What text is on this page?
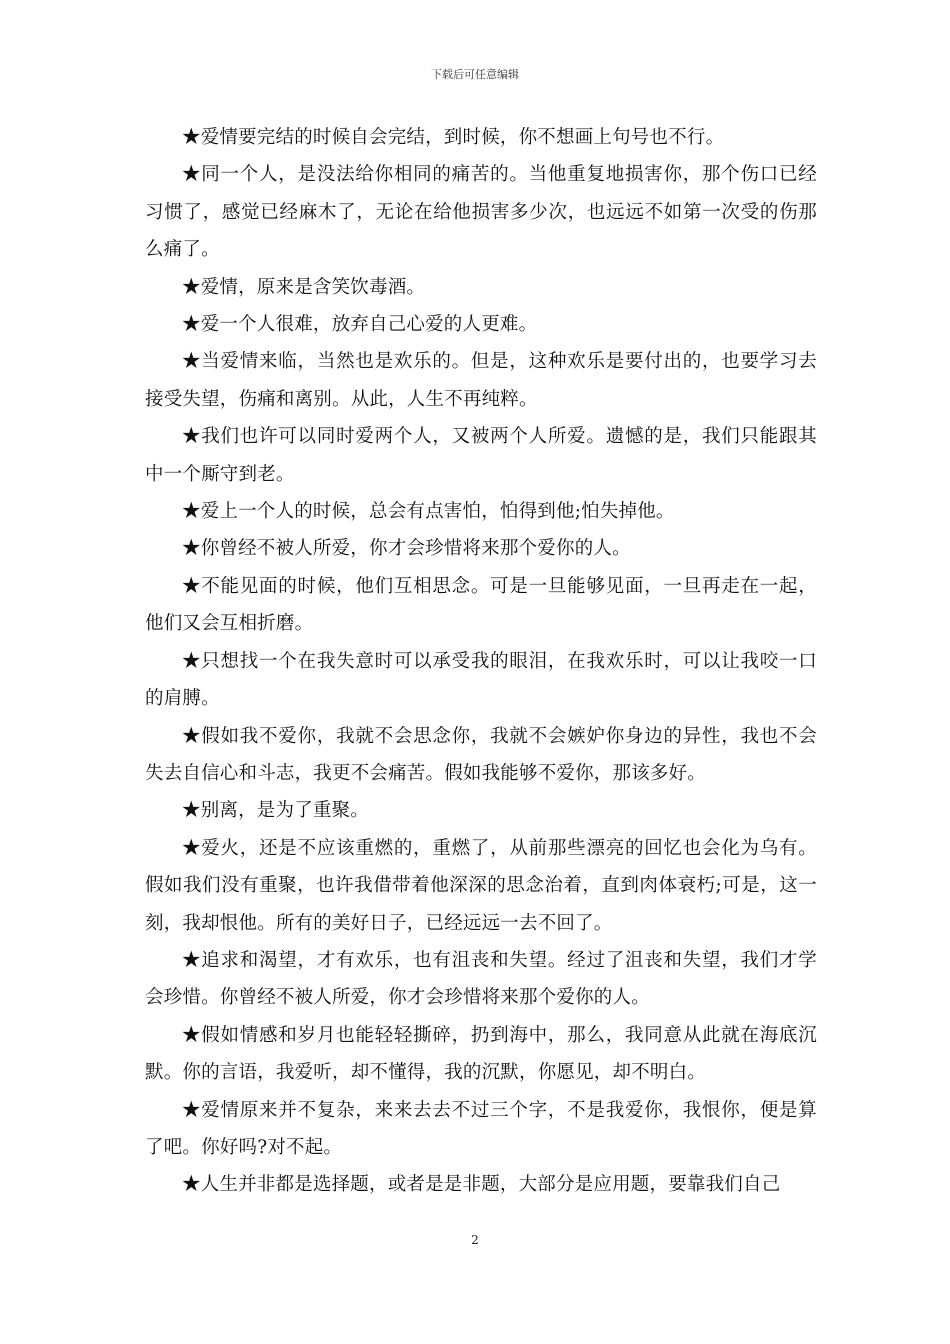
下载后可任意编辑

★爱情要完结的时候自会完结，到时候，你不想画上句号也不行。

★同一个人，是没法给你相同的痛苦的。当他重复地损害你，那个伤口已经习惯了，感觉已经麻木了，无论在给他损害多少次，也远远不如第一次受的伤那么痛了。

★爱情，原来是含笑饮毒酒。

★爱一个人很难，放弃自己心爱的人更难。

★当爱情来临，当然也是欢乐的。但是，这种欢乐是要付出的，也要学习去接受失望，伤痛和离别。从此，人生不再纯粹。

★我们也许可以同时爱两个人，又被两个人所爱。遗憾的是，我们只能跟其中一个厮守到老。

★爱上一个人的时候，总会有点害怕，怕得到他;怕失掉他。

★你曾经不被人所爱，你才会珍惜将来那个爱你的人。

★不能见面的时候，他们互相思念。可是一旦能够见面，一旦再走在一起，他们又会互相折磨。

★只想找一个在我失意时可以承受我的眼泪，在我欢乐时，可以让我咬一口的肩膊。

★假如我不爱你，我就不会思念你，我就不会嫉妒你身边的异性，我也不会失去自信心和斗志，我更不会痛苦。假如我能够不爱你，那该多好。

★别离，是为了重聚。

★爱火，还是不应该重燃的，重燃了，从前那些漂亮的回忆也会化为乌有。假如我们没有重聚，也许我借带着他深深的思念治着，直到肉体衰朽;可是，这一刻，我却恨他。所有的美好日子，已经远远一去不回了。

★追求和渴望，才有欢乐，也有沮丧和失望。经过了沮丧和失望，我们才学会珍惜。你曾经不被人所爱，你才会珍惜将来那个爱你的人。

★假如情感和岁月也能轻轻撕碎，扔到海中，那么，我同意从此就在海底沉默。你的言语，我爱听，却不懂得，我的沉默，你愿见，却不明白。

★爱情原来并不复杂，来来去去不过三个字，不是我爱你，我恨你，便是算了吧。你好吗?对不起。

★人生并非都是选择题，或者是是非题，大部分是应用题，要靠我们自己

2
